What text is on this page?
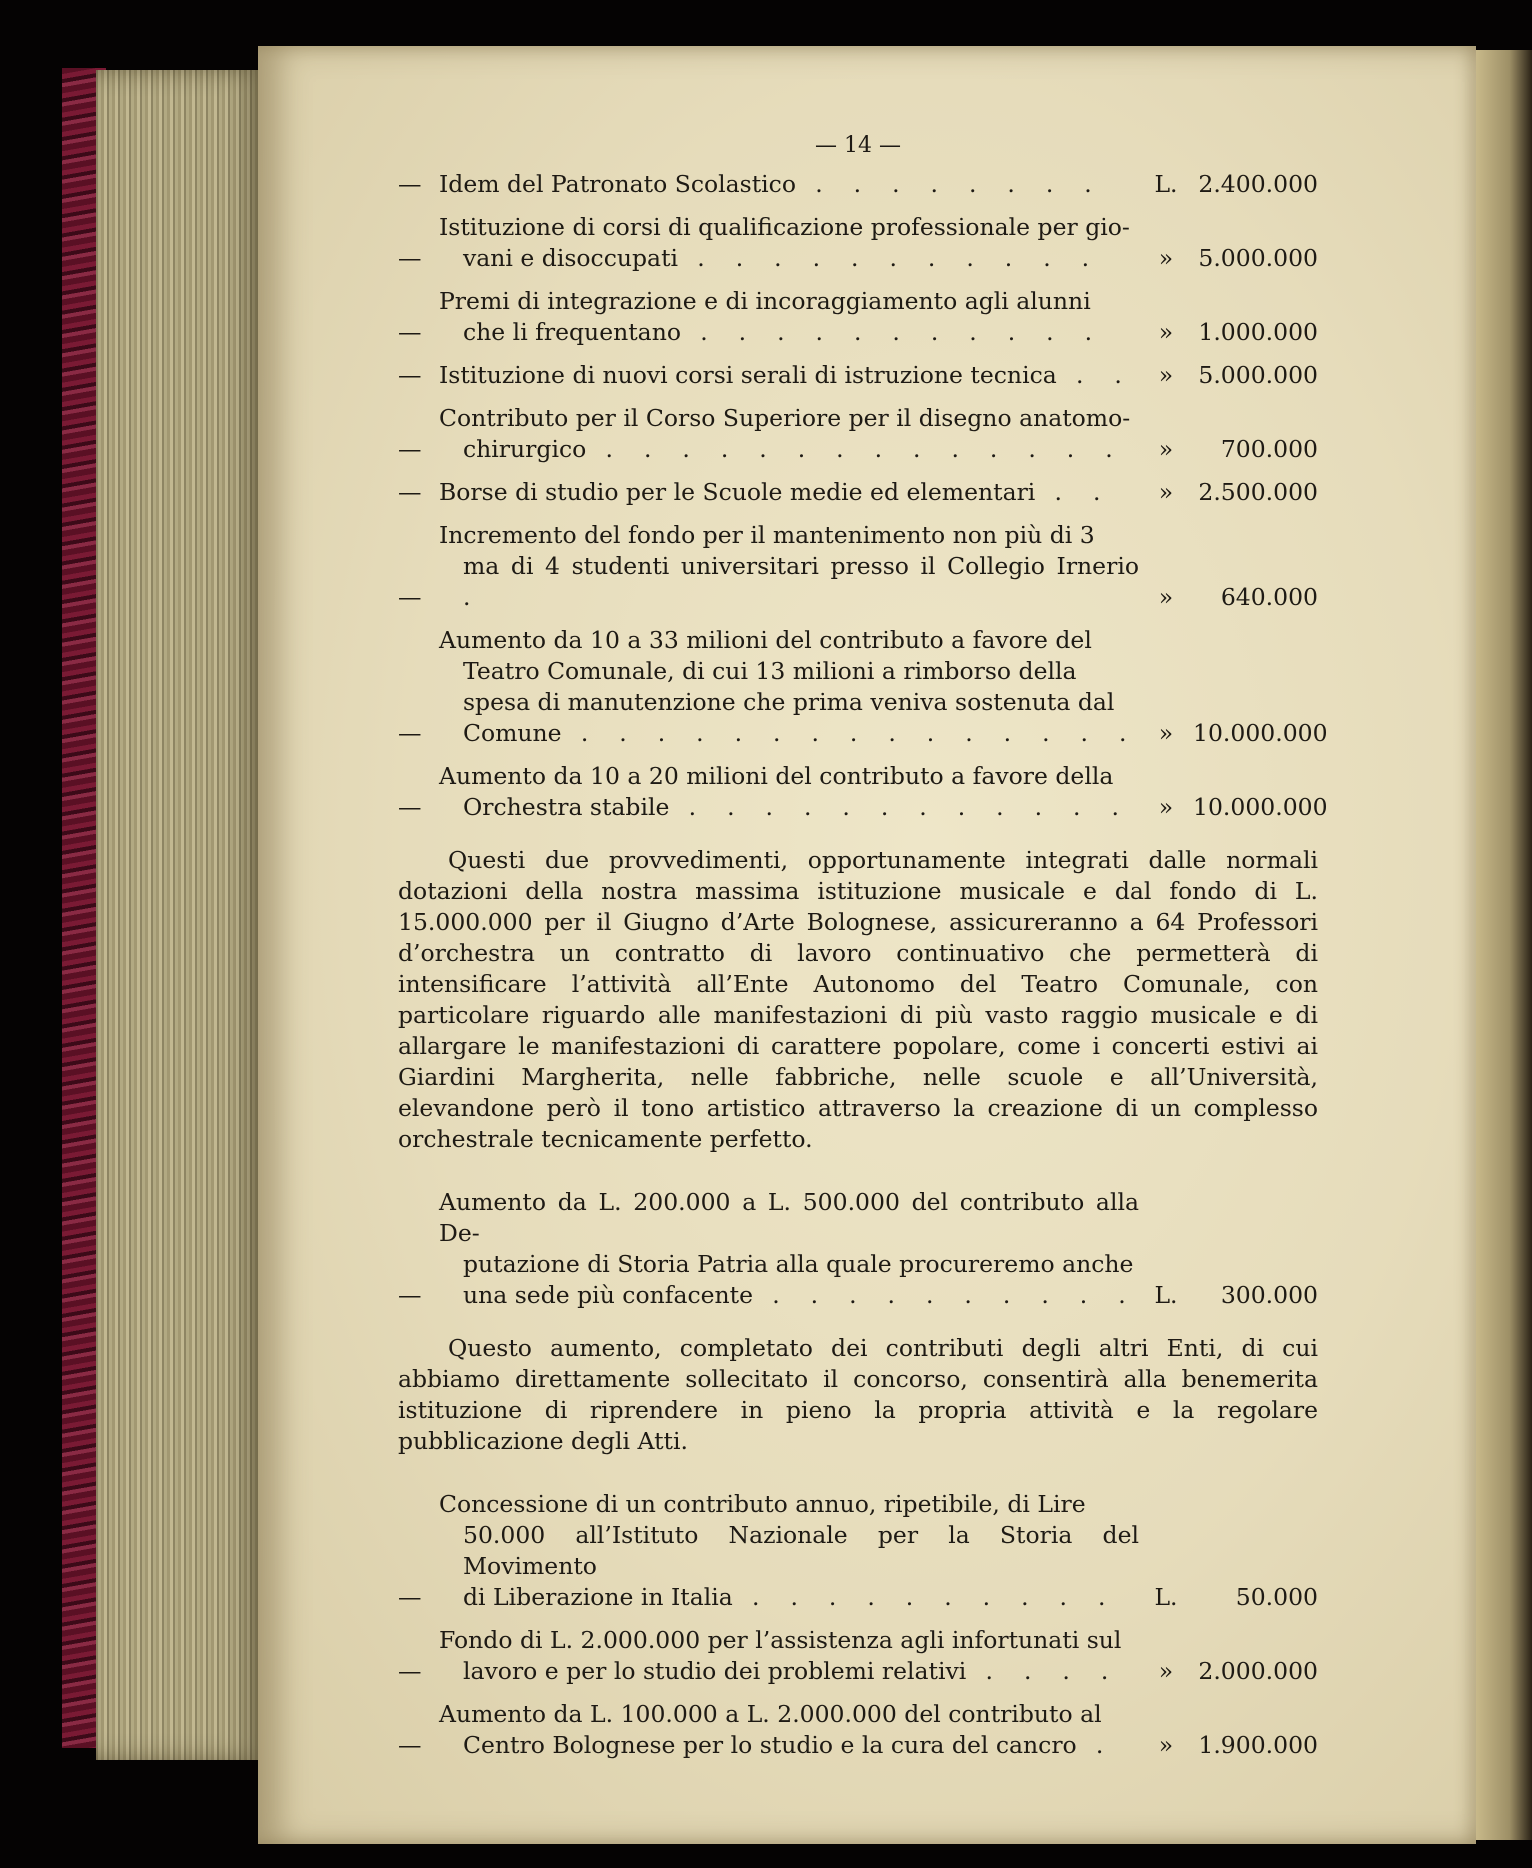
— 14 —
— Idem del Patronato Scolastico . . . . . . . .	L. 2.400.000
—
Istituzione di corsi di qualificazione professionale per gio-
vani e disoccupati . . . . . . . . . . .	»	5.000.000
—
Premi di integrazione e di incoraggiamento agli alunni
che li frequentano . . . . . . . . . . .	»	1.000.000
— Istituzione di nuovi corsi serali di istruzione tecnica . .	»	5.000.000
—
Contributo per il Corso Superiore per il disegno anatomo-
chirurgico . . . . . . . . . . . . . .	»	700.000
— Borse di studio per le Scuole medie ed elementari . .	»	2.500.000
—
Incremento del fondo per il mantenimento non più di 3
ma di 4 studenti universitari presso il Collegio Irnerio .	»	640.000
—
Aumento da 10 a 33 milioni del contributo a favore del
Teatro Comunale, di cui 13 milioni a rimborso della
spesa di manutenzione che prima veniva sostenuta dal
Comune . . . . . . . . . . . . . . . » 10.000.000
—
Aumento da 10 a 20 milioni del contributo a favore della
Orchestra stabile . . . . . . . . . . . .	» 10.000.000

Questi due provvedimenti, opportunamente integrati dalle normali dotazioni della nostra massima istituzione musicale e dal fondo di L. 15.000.000 per il Giugno d’Arte Bolognese, assicureranno a 64 Professori d’orchestra un contratto di lavoro continuativo che permetterà di intensificare l’attività all’Ente Autonomo del Teatro Comunale, con particolare riguardo alle manifestazioni di più vasto raggio musicale e di allargare le manifestazioni di carattere popolare, come i concerti estivi ai Giardini Margherita, nelle fabbriche, nelle scuole e all’Università, elevandone però il tono artistico attraverso la creazione di un complesso orchestrale tecnicamente perfetto.

—
Aumento da L. 200.000 a L. 500.000 del contributo alla De-
putazione di Storia Patria alla quale procureremo anche
una sede più confacente . . . . . . . . . . L.	300.000

Questo aumento, completato dei contributi degli altri Enti, di cui abbiamo direttamente sollecitato il concorso, consentirà alla benemerita istituzione di riprendere in pieno la propria attività e la regolare pubblicazione degli Atti.

—
Concessione di un contributo annuo, ripetibile, di Lire
50.000 all’Istituto Nazionale per la Storia del Movimento
di Liberazione in Italia . . . . . . . . . .	L.	50.000
—
Fondo di L. 2.000.000 per l’assistenza agli infortunati sul
lavoro e per lo studio dei problemi relativi . . . .	»	2.000.000
—
Aumento da L. 100.000 a L. 2.000.000 del contributo al
Centro Bolognese per lo studio e la cura del cancro .	»	1.900.000
